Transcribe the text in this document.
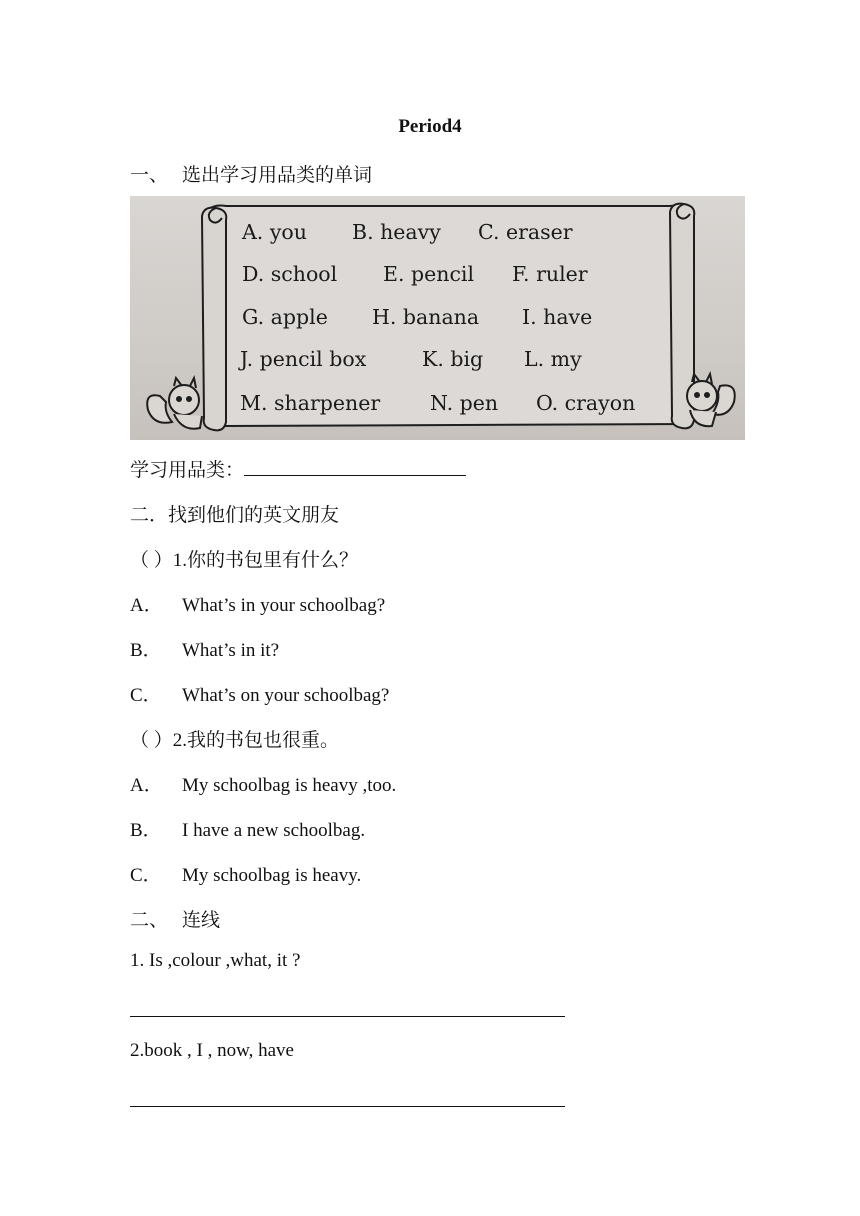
Period4
一、 选出学习用品类的单词
A. you B. heavy C. eraser
D. school E. pencil F. ruler
G. apple H. banana I. have
J. pencil box	K. big L. my
M. sharpener N. pen O. crayon
学习用品类：
二．找到他们的英文朋友
（ ）1.你的书包里有什么？
A． What’s in your schoolbag?
B． What’s in it?
C． What’s on your schoolbag?
（ ）2.我的书包也很重。
A． My schoolbag is heavy ,too.
B． I have a new schoolbag.
C． My schoolbag is heavy.
二、 连线
1. Is ,colour ,what, it ?
2.book , I , now, have
